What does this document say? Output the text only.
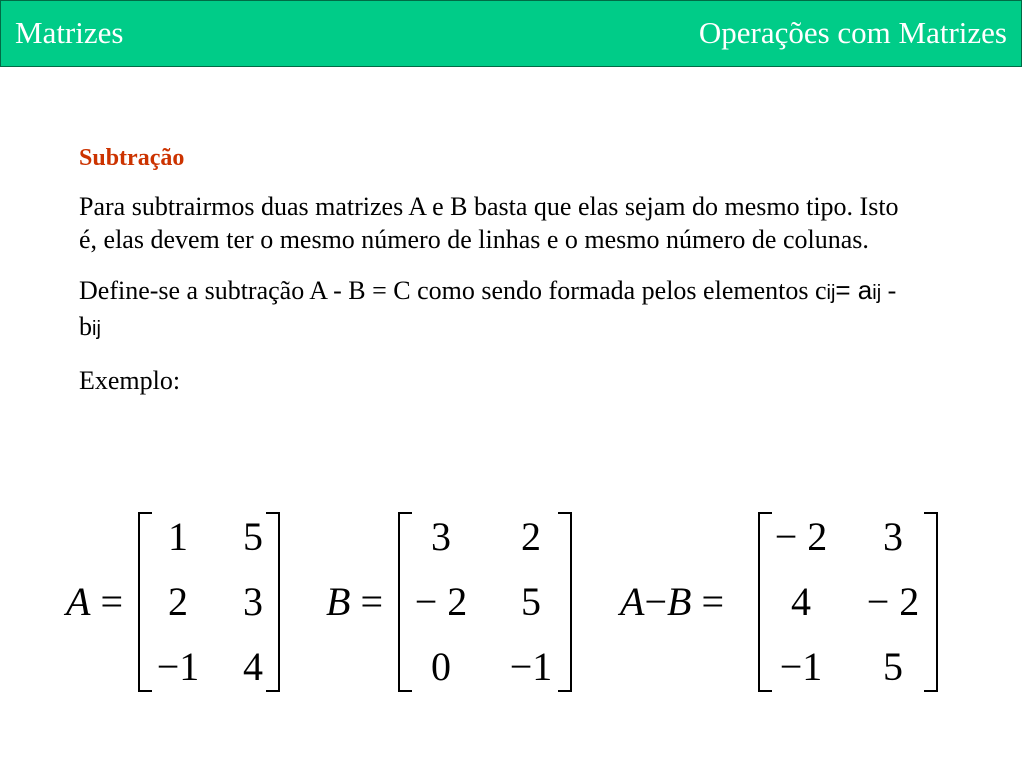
Matrizes	Operações com Matrizes
Subtração
Para subtrairmos duas matrizes A e B basta que elas sejam do mesmo tipo. Isto é, elas devem ter o mesmo número de linhas e o mesmo número de colunas.
Define-se a subtração A - B = C como sendo formada pelos elementos cij= aij - bij
Exemplo:
A =
1	5
2	3
−1	4
B =
3	2
− 2	5
0	−1
A−B =
− 2	3
4	− 2
−1	5
